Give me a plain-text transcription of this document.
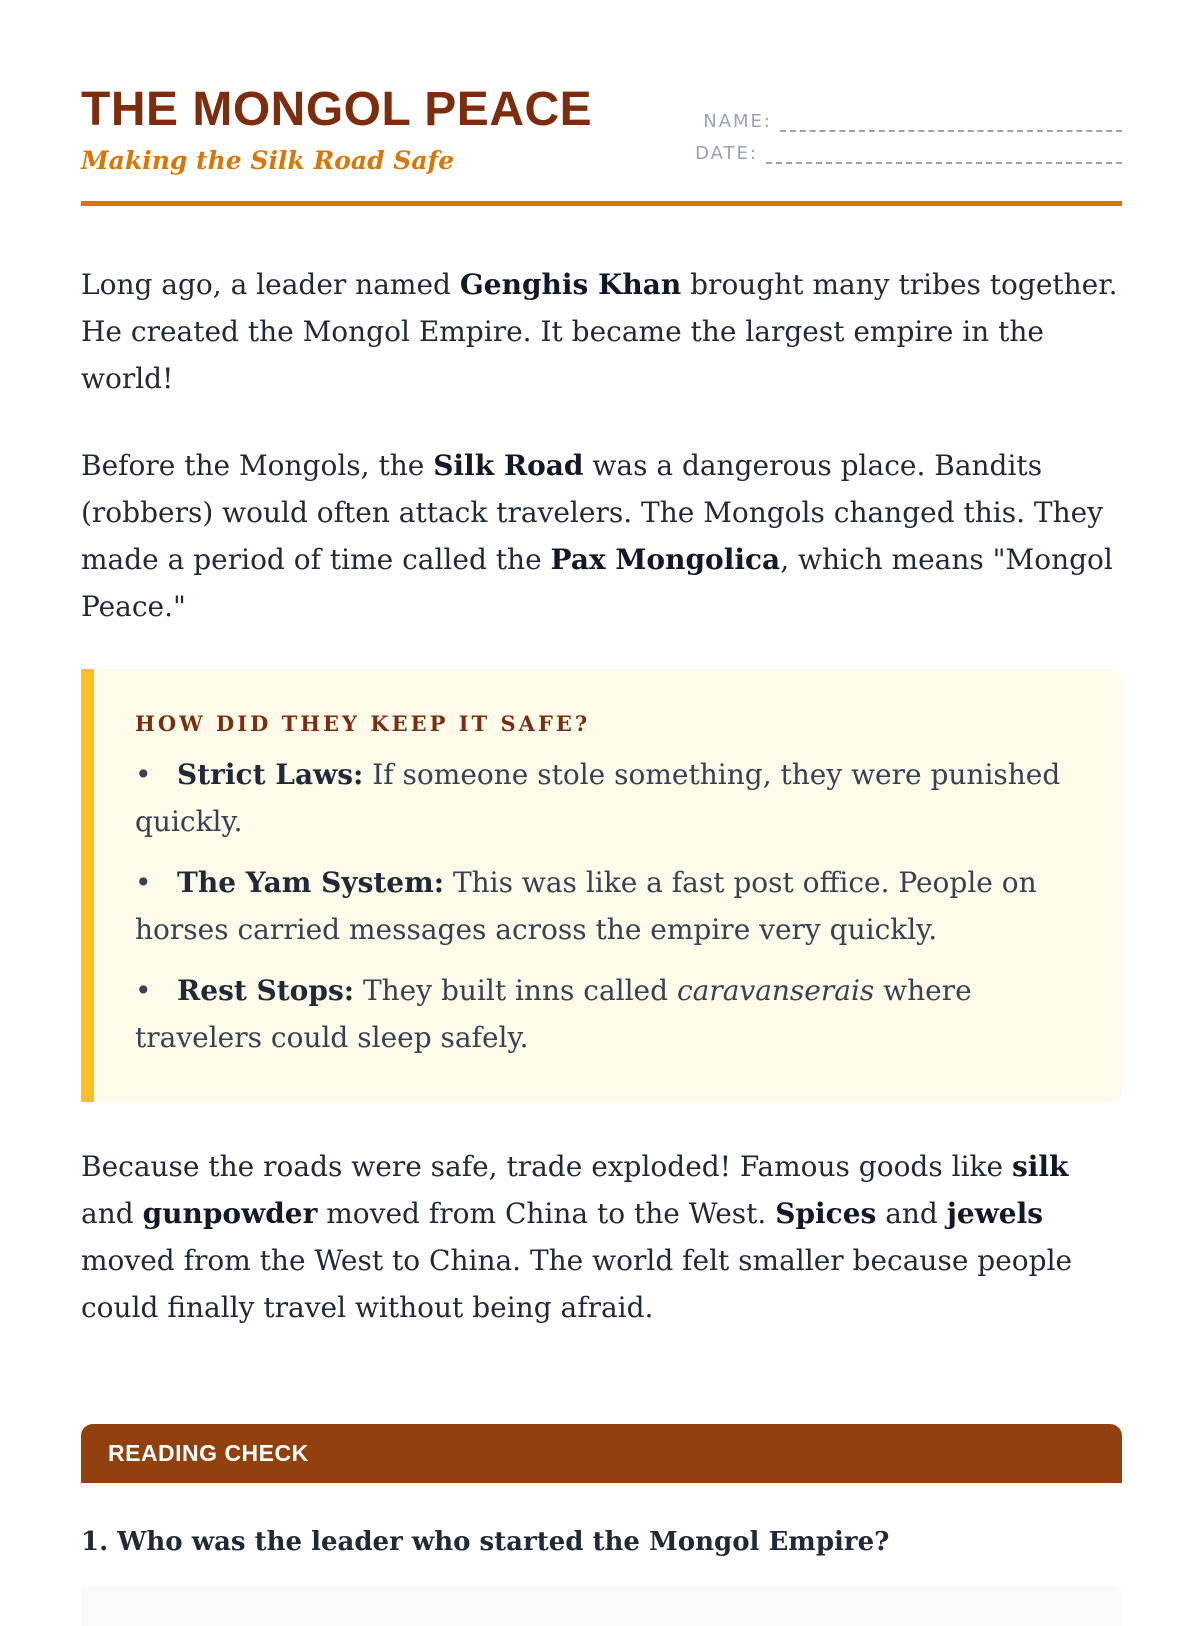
THE MONGOL PEACE

Making the Silk Road Safe

NAME:
DATE:

Long ago, a leader named Genghis Khan brought many tribes together. He created the Mongol Empire. It became the largest empire in the world!

Before the Mongols, the Silk Road was a dangerous place. Bandits (robbers) would often attack travelers. The Mongols changed this. They made a period of time called the Pax Mongolica, which means "Mongol Peace."

HOW DID THEY KEEP IT SAFE?
• Strict Laws: If someone stole something, they were punished quickly.
• The Yam System: This was like a fast post office. People on horses carried messages across the empire very quickly.
• Rest Stops: They built inns called caravanserais where travelers could sleep safely.

Because the roads were safe, trade exploded! Famous goods like silk and gunpowder moved from China to the West. Spices and jewels moved from the West to China. The world felt smaller because people could finally travel without being afraid.

READING CHECK

1. Who was the leader who started the Mongol Empire?
